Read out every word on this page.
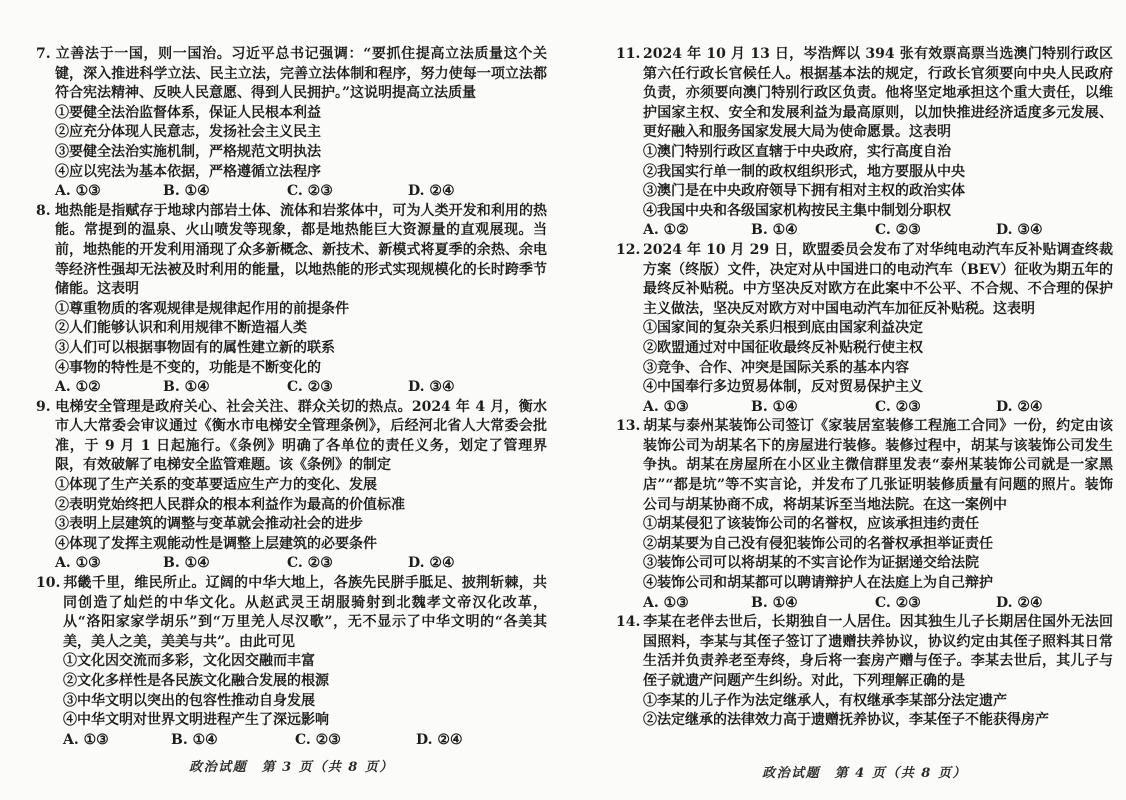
7. 立善法于一国，则一国治。习近平总书记强调：“要抓住提高立法质量这个关键，深入推进科学立法、民主立法，完善立法体制和程序，努力使每一项立法都符合宪法精神、反映人民意愿、得到人民拥护。”这说明提高立法质量

①要健全法治监督体系，保证人民根本利益
②应充分体现人民意志，发扬社会主义民主
③要健全法治实施机制，严格规范文明执法
④应以宪法为基本依据，严格遵循立法程序
A. ①③	B. ①④	C. ②③	D. ②④

8. 地热能是指赋存于地球内部岩土体、流体和岩浆体中，可为人类开发和利用的热能。常提到的温泉、火山喷发等现象，都是地热能巨大资源量的直观展现。当前，地热能的开发利用涌现了众多新概念、新技术、新模式将夏季的余热、余电等经济性强却无法被及时利用的能量，以地热能的形式实现规模化的长时跨季节储能。这表明

①尊重物质的客观规律是规律起作用的前提条件
②人们能够认识和利用规律不断造福人类
③人们可以根据事物固有的属性建立新的联系
④事物的特性是不变的，功能是不断变化的
A. ①②	B. ①④	C. ②③	D. ③④

9. 电梯安全管理是政府关心、社会关注、群众关切的热点。2024 年 4 月，衡水市人大常委会审议通过《衡水市电梯安全管理条例》，后经河北省人大常委会批准，于 9 月 1 日起施行。《条例》明确了各单位的责任义务，划定了管理界限，有效破解了电梯安全监管难题。该《条例》的制定

①体现了生产关系的变革要适应生产力的变化、发展
②表明党始终把人民群众的根本利益作为最高的价值标准
③表明上层建筑的调整与变革就会推动社会的进步
④体现了发挥主观能动性是调整上层建筑的必要条件
A. ①③	B. ①④	C. ②③	D. ②④

10. 邦畿千里，维民所止。辽阔的中华大地上，各族先民胼手胝足、披荆斩棘，共同创造了灿烂的中华文化。从赵武灵王胡服骑射到北魏孝文帝汉化改革，从“洛阳家家学胡乐”到“万里羌人尽汉歌”，无不显示了中华文明的“各美其美，美人之美，美美与共”。由此可见

①文化因交流而多彩，文化因交融而丰富
②文化多样性是各民族文化融合发展的根源
③中华文明以突出的包容性推动自身发展
④中华文明对世界文明进程产生了深远影响
A. ①③	B. ①④	C. ②③	D. ②④

11. 2024 年 10 月 13 日，岑浩辉以 394 张有效票高票当选澳门特别行政区第六任行政长官候任人。根据基本法的规定，行政长官须要向中央人民政府负责，亦须要向澳门特别行政区负责。他将坚定地承担这个重大责任，以维护国家主权、安全和发展利益为最高原则，以加快推进经济适度多元发展、更好融入和服务国家发展大局为使命愿景。这表明

①澳门特别行政区直辖于中央政府，实行高度自治
②我国实行单一制的政权组织形式，地方要服从中央
③澳门是在中央政府领导下拥有相对主权的政治实体
④我国中央和各级国家机构按民主集中制划分职权
A. ①②	B. ①④	C. ②③	D. ③④

12. 2024 年 10 月 29 日，欧盟委员会发布了对华纯电动汽车反补贴调查终裁方案（终版）文件，决定对从中国进口的电动汽车（BEV）征收为期五年的最终反补贴税。中方坚决反对欧方在此案中不公平、不合规、不合理的保护主义做法，坚决反对欧方对中国电动汽车加征反补贴税。这表明

①国家间的复杂关系归根到底由国家利益决定
②欧盟通过对中国征收最终反补贴税行使主权
③竞争、合作、冲突是国际关系的基本内容
④中国奉行多边贸易体制，反对贸易保护主义
A. ①③	B. ①④	C. ②③	D. ②④

13. 胡某与泰州某装饰公司签订《家装居室装修工程施工合同》一份，约定由该装饰公司为胡某名下的房屋进行装修。装修过程中，胡某与该装饰公司发生争执。胡某在房屋所在小区业主微信群里发表“泰州某装饰公司就是一家黑店”“都是坑”等不实言论，并发布了几张证明装修质量有问题的照片。装饰公司与胡某协商不成，将胡某诉至当地法院。在这一案例中

①胡某侵犯了该装饰公司的名誉权，应该承担违约责任
②胡某要为自己没有侵犯装饰公司的名誉权承担举证责任
③装饰公司可以将胡某的不实言论作为证据递交给法院
④装饰公司和胡某都可以聘请辩护人在法庭上为自己辩护
A. ①③	B. ①④	C. ②③	D. ②④

14. 李某在老伴去世后，长期独自一人居住。因其独生儿子长期居住国外无法回国照料，李某与其侄子签订了遗赠扶养协议，协议约定由其侄子照料其日常生活并负责养老至寿终，身后将一套房产赠与侄子。李某去世后，其儿子与侄子就遗产问题产生纠纷。对此，下列理解正确的是

①李某的儿子作为法定继承人，有权继承李某部分法定遗产
②法定继承的法律效力高于遗赠抚养协议，李某侄子不能获得房产
政治试题　第 3 页（共 8 页）	政治试题　第 4 页（共 8 页）
